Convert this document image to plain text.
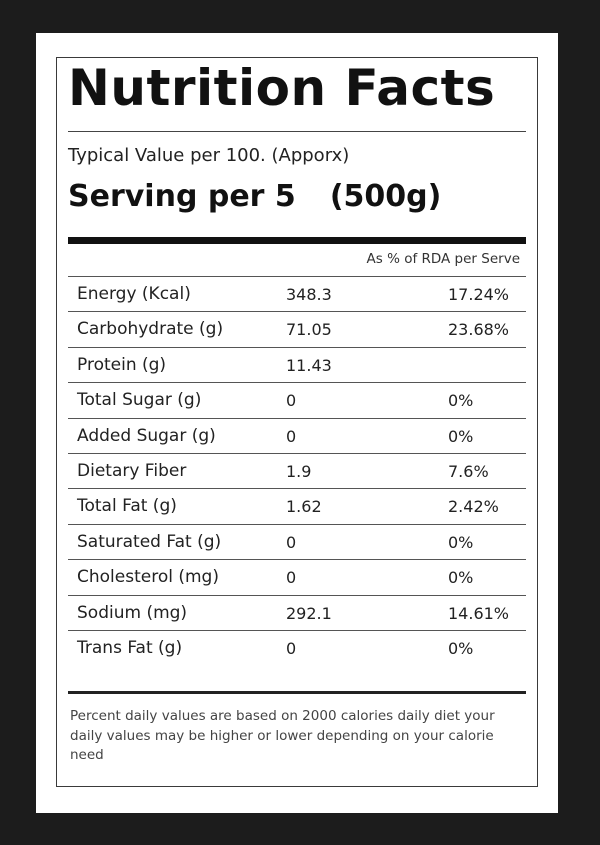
Nutrition Facts
Typical Value per 100. (Apporx)
Serving per 5 (500g)
As % of RDA per Serve
Energy (Kcal)	348.3	17.24%
Carbohydrate (g)	71.05	23.68%
Protein (g)	11.43
Total Sugar (g)	0	0%
Added Sugar (g)	0	0%
Dietary Fiber	1.9	7.6%
Total Fat (g)	1.62	2.42%
Saturated Fat (g)	0	0%
Cholesterol (mg)	0	0%
Sodium (mg)	292.1	14.61%
Trans Fat (g)	0	0%
Percent daily values are based on 2000 calories daily diet your daily values may be higher or lower depending on your calorie need
